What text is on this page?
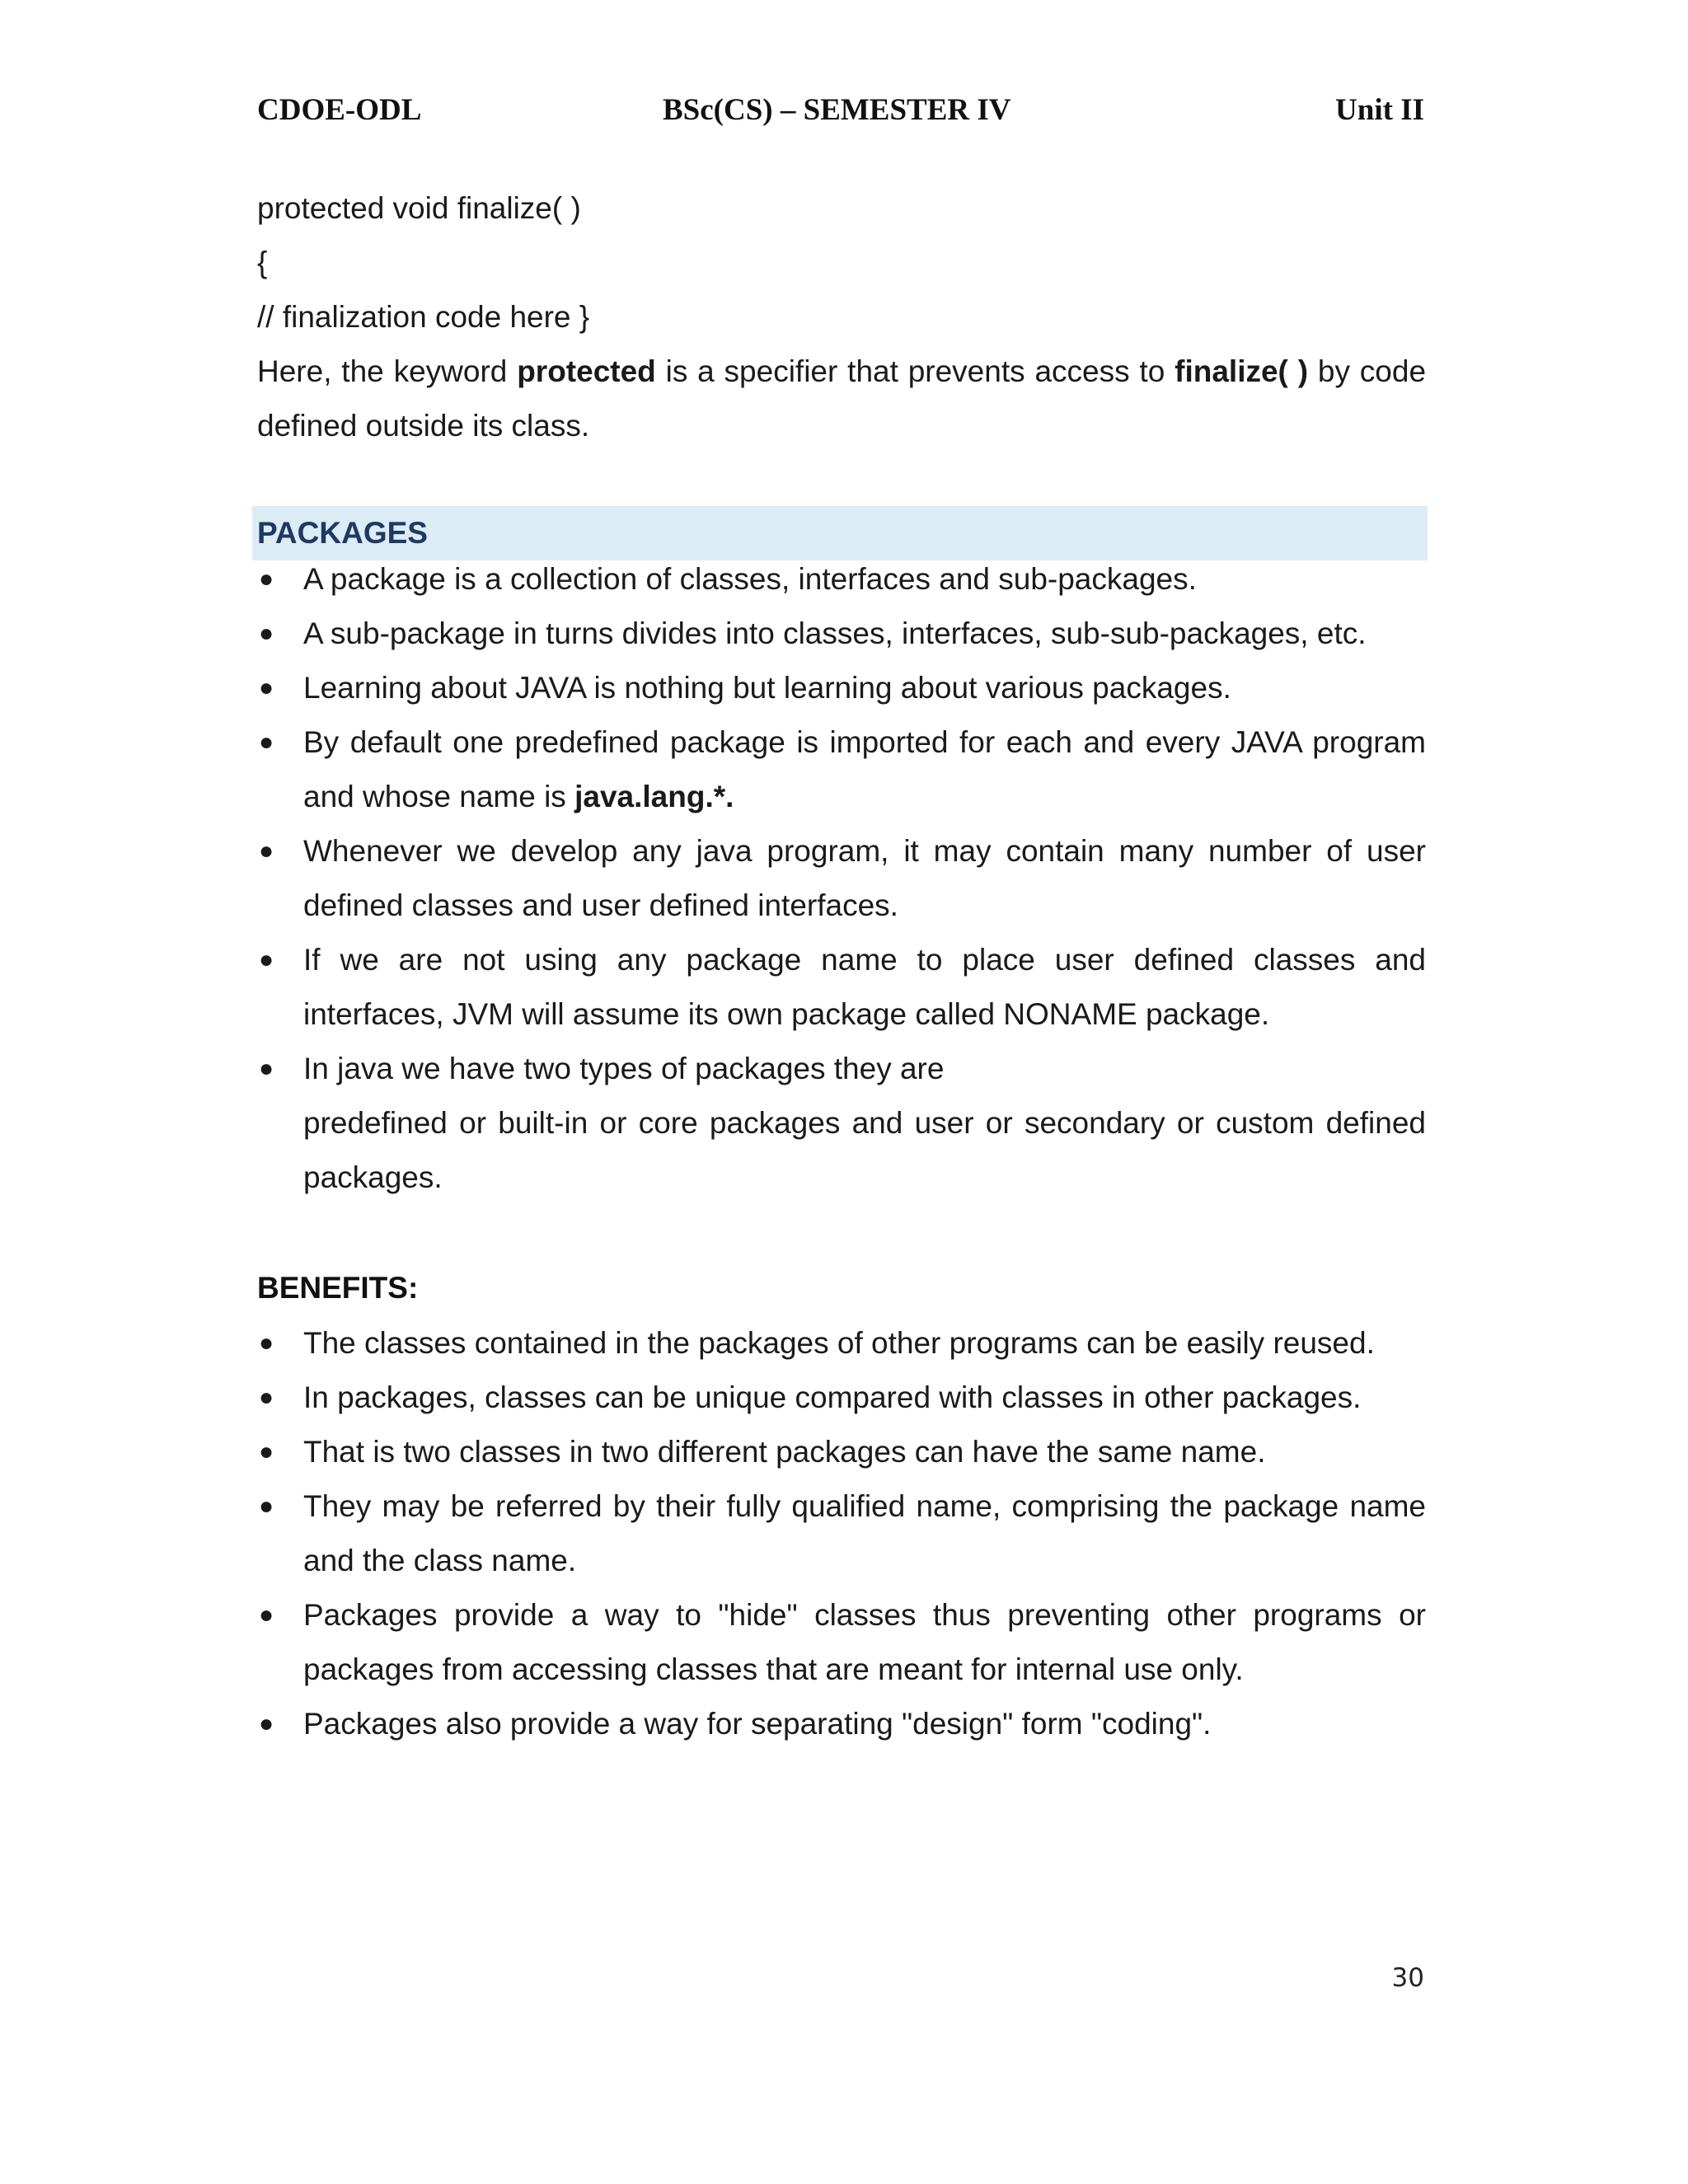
CDOE-ODL	BSc(CS) – SEMESTER IV	Unit II
protected void finalize( )
{
// finalization code here }
Here, the keyword protected is a specifier that prevents access to finalize( ) by code defined outside its class.
PACKAGES
● A package is a collection of classes, interfaces and sub-packages.
● A sub-package in turns divides into classes, interfaces, sub-sub-packages, etc.
● Learning about JAVA is nothing but learning about various packages.
● By default one predefined package is imported for each and every JAVA program and whose name is java.lang.*.
● Whenever we develop any java program, it may contain many number of user defined classes and user defined interfaces.
● If we are not using any package name to place user defined classes and interfaces, JVM will assume its own package called NONAME package.
● In java we have two types of packages they are
predefined or built-in or core packages and user or secondary or custom defined packages.
BENEFITS:
● The classes contained in the packages of other programs can be easily reused.
● In packages, classes can be unique compared with classes in other packages.
● That is two classes in two different packages can have the same name.
● They may be referred by their fully qualified name, comprising the package name and the class name.
● Packages provide a way to "hide" classes thus preventing other programs or packages from accessing classes that are meant for internal use only.
● Packages also provide a way for separating "design" form "coding".
30
